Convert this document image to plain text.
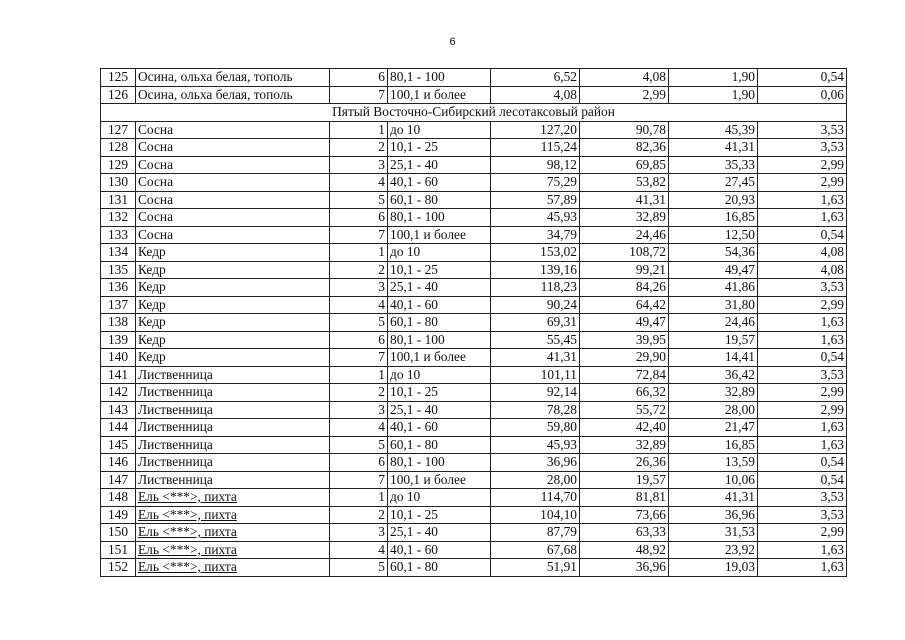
6
125	Осина, ольха белая, тополь	6	80,1 - 100	6,52	4,08	1,90	0,54
126	Осина, ольха белая, тополь	7	100,1 и более	4,08	2,99	1,90	0,06
Пятый Восточно-Сибирский лесотаксовый район							
127	Сосна	1	до 10	127,20	90,78	45,39	3,53
128	Сосна	2	10,1 - 25	115,24	82,36	41,31	3,53
129	Сосна	3	25,1 - 40	98,12	69,85	35,33	2,99
130	Сосна	4	40,1 - 60	75,29	53,82	27,45	2,99
131	Сосна	5	60,1 - 80	57,89	41,31	20,93	1,63
132	Сосна	6	80,1 - 100	45,93	32,89	16,85	1,63
133	Сосна	7	100,1 и более	34,79	24,46	12,50	0,54
134	Кедр	1	до 10	153,02	108,72	54,36	4,08
135	Кедр	2	10,1 - 25	139,16	99,21	49,47	4,08
136	Кедр	3	25,1 - 40	118,23	84,26	41,86	3,53
137	Кедр	4	40,1 - 60	90,24	64,42	31,80	2,99
138	Кедр	5	60,1 - 80	69,31	49,47	24,46	1,63
139	Кедр	6	80,1 - 100	55,45	39,95	19,57	1,63
140	Кедр	7	100,1 и более	41,31	29,90	14,41	0,54
141	Лиственница	1	до 10	101,11	72,84	36,42	3,53
142	Лиственница	2	10,1 - 25	92,14	66,32	32,89	2,99
143	Лиственница	3	25,1 - 40	78,28	55,72	28,00	2,99
144	Лиственница	4	40,1 - 60	59,80	42,40	21,47	1,63
145	Лиственница	5	60,1 - 80	45,93	32,89	16,85	1,63
146	Лиственница	6	80,1 - 100	36,96	26,36	13,59	0,54
147	Лиственница	7	100,1 и более	28,00	19,57	10,06	0,54
148	Ель <***>, пихта	1	до 10	114,70	81,81	41,31	3,53
149	Ель <***>, пихта	2	10,1 - 25	104,10	73,66	36,96	3,53
150	Ель <***>, пихта	3	25,1 - 40	87,79	63,33	31,53	2,99
151	Ель <***>, пихта	4	40,1 - 60	67,68	48,92	23,92	1,63
152	Ель <***>, пихта	5	60,1 - 80	51,91	36,96	19,03	1,63
